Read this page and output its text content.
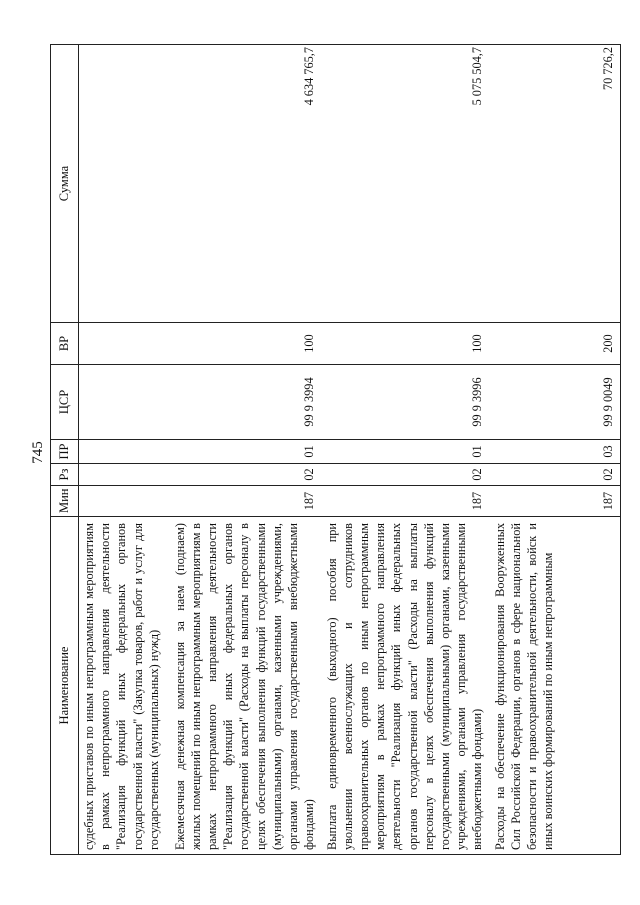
745
Наименование	Мин	Рз	ПР	ЦСР	ВР	Сумма
судебных приставов по иным непрограммным мероприятиям в рамках непрограммного направления деятельности "Реализация функций иных федеральных органов государственной власти" (Закупка товаров, работ и услуг для государственных (муниципальных) нужд)						
Ежемесячная денежная компенсация за наем (поднаем) жилых помещений по иным непрограммным мероприятиям в рамках непрограммного направления деятельности "Реализация функций иных федеральных органов государственной власти" (Расходы на выплаты персоналу в целях обеспечения выполнения функций государственными (муниципальными) органами, казенными учреждениями, органами управления государственными внебюджетными фондами)	187	02	01	99 9 3994	100	4 634 765,7
Выплата единовременного (выходного) пособия при увольнении военнослужащих и сотрудников правоохранительных органов по иным непрограммным мероприятиям в рамках непрограммного направления деятельности "Реализация функций иных федеральных органов государственной власти" (Расходы на выплаты персоналу в целях обеспечения выполнения функций государственными (муниципальными) органами, казенными учреждениями, органами управления государственными внебюджетными фондами)	187	02	01	99 9 3996	100	5 075 504,7
Расходы на обеспечение функционирования Вооруженных Сил Российской Федерации, органов в сфере национальной безопасности и правоохранительной деятельности, войск и иных воинских формирований по иным непрограммным	187	02	03	99 9 0049	200	70 726,2
